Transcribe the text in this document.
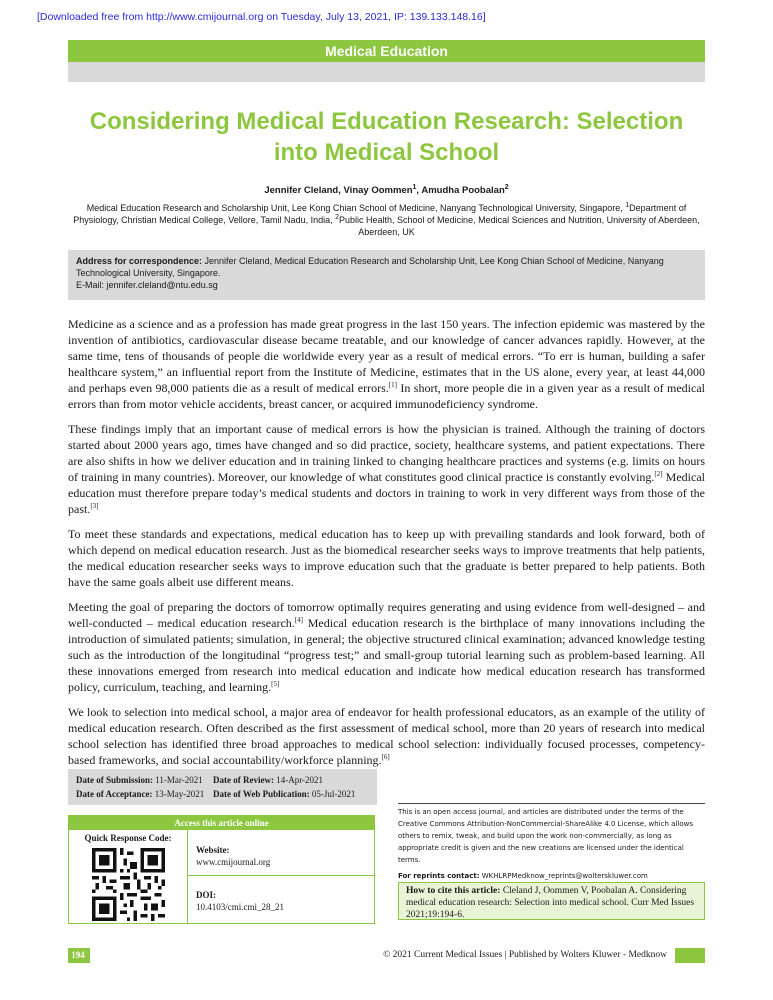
[Downloaded free from http://www.cmijournal.org on Tuesday, July 13, 2021, IP: 139.133.148.16]
Medical Education
Considering Medical Education Research: Selection into Medical School
Jennifer Cleland, Vinay Oommen$^1$, Amudha Poobalan$^2$
Medical Education Research and Scholarship Unit, Lee Kong Chian School of Medicine, Nanyang Technological University, Singapore, $^1$Department of Physiology, Christian Medical College, Vellore, Tamil Nadu, India, $^2$Public Health, School of Medicine, Medical Sciences and Nutrition, University of Aberdeen, Aberdeen, UK
Address for correspondence: Jennifer Cleland, Medical Education Research and Scholarship Unit, Lee Kong Chian School of Medicine, Nanyang Technological University, Singapore.
E-Mail: jennifer.cleland@ntu.edu.sg

Medicine as a science and as a profession has made great progress in the last 150 years. The infection epidemic was mastered by the invention of antibiotics, cardiovascular disease became treatable, and our knowledge of cancer advances rapidly. However, at the same time, tens of thousands of people die worldwide every year as a result of medical errors. “To err is human, building a safer healthcare system,” an influential report from the Institute of Medicine, estimates that in the US alone, every year, at least 44,000 and perhaps even 98,000 patients die as a result of medical errors.[1] In short, more people die in a given year as a result of medical errors than from motor vehicle accidents, breast cancer, or acquired immunodeficiency syndrome.

These findings imply that an important cause of medical errors is how the physician is trained. Although the training of doctors started about 2000 years ago, times have changed and so did practice, society, healthcare systems, and patient expectations. There are also shifts in how we deliver education and in training linked to changing healthcare practices and systems (e.g. limits on hours of training in many countries). Moreover, our knowledge of what constitutes good clinical practice is constantly evolving.[2] Medical education must therefore prepare today’s medical students and doctors in training to work in very different ways from those of the past.[3]

To meet these standards and expectations, medical education has to keep up with prevailing standards and look forward, both of which depend on medical education research. Just as the biomedical researcher seeks ways to improve treatments that help patients, the medical education researcher seeks ways to improve education such that the graduate is better prepared to help patients. Both have the same goals albeit use different means.

Meeting the goal of preparing the doctors of tomorrow optimally requires generating and using evidence from well-designed – and well-conducted – medical education research.[4] Medical education research is the birthplace of many innovations including the introduction of simulated patients; simulation, in general; the objective structured clinical examination; advanced knowledge testing such as the introduction of the longitudinal “progress test;” and small-group tutorial learning such as problem-based learning. All these innovations emerged from research into medical education and indicate how medical education research has transformed policy, curriculum, teaching, and learning.[5]

We look to selection into medical school, a major area of endeavor for health professional educators, as an example of the utility of medical education research. Often described as the first assessment of medical school, more than 20 years of research into medical school selection has identified three broad approaches to medical school selection: individually focused processes, competency-based frameworks, and social accountability/workforce planning.[6]

Date of Submission: 11-Mar-2021	Date of Review: 14-Apr-2021
Date of Acceptance: 13-May-2021 Date of Web Publication: 05-Jul-2021
Access this article online
Quick Response Code:
Website:
www.cmijournal.org
DOI:
10.4103/cmi.cmi_28_21
This is an open access journal, and articles are distributed under the terms of the Creative Commons Attribution-NonCommercial-ShareAlike 4.0 License, which allows others to remix, tweak, and build upon the work non-commercially, as long as appropriate credit is given and the new creations are licensed under the identical terms.
For reprints contact: WKHLRPMedknow_reprints@wolterskluwer.com
How to cite this article: Cleland J, Oommen V, Poobalan A. Considering medical education research: Selection into medical school. Curr Med Issues 2021;19:194-6.
194	© 2021 Current Medical Issues | Published by Wolters Kluwer - Medknow
